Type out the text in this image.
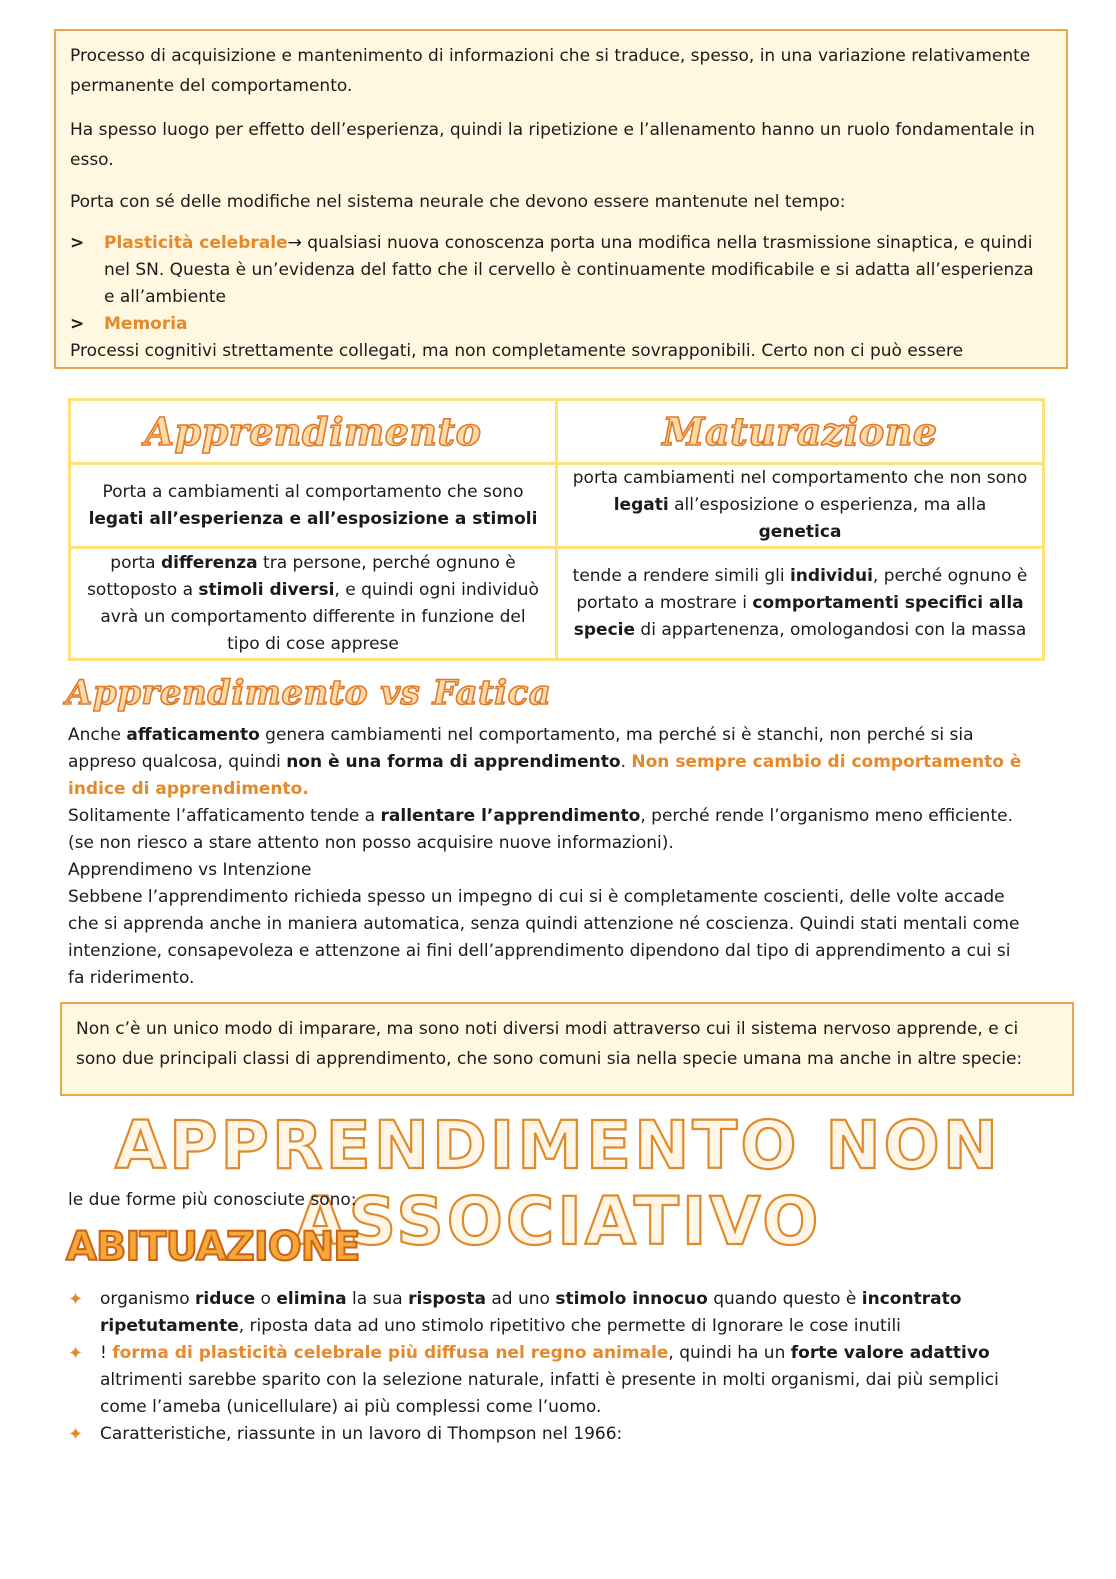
Processo di acquisizione e mantenimento di informazioni che si traduce, spesso, in una variazione relativamente permanente del comportamento.

Ha spesso luogo per effetto dell’esperienza, quindi la ripetizione e l’allenamento hanno un ruolo fondamentale in esso.

Porta con sé delle modifiche nel sistema neurale che devono essere mantenute nel tempo:

>	Plasticità celebrale→ qualsiasi nuova conoscenza porta una modifica nella trasmissione sinaptica, e quindi nel SN. Questa è un’evidenza del fatto che il cervello è continuamente modificabile e si adatta all’esperienza e all’ambiente
>	Memoria

Processi cognitivi strettamente collegati, ma non completamente sovrapponibili. Certo non ci può essere

Apprendimento	Maturazione
Porta a cambiamenti al comportamento che sono legati all’esperienza e all’esposizione a stimoli	porta cambiamenti nel comportamento che non sono legati all’esposizione o esperienza, ma alla genetica
porta differenza tra persone, perché ognuno è sottoposto a stimoli diversi, e quindi ogni individuò avrà un comportamento differente in funzione del tipo di cose apprese	tende a rendere simili gli individui, perché ognuno è portato a mostrare i comportamenti specifici alla specie di appartenenza, omologandosi con la massa
Apprendimento vs Fatica

Anche affaticamento genera cambiamenti nel comportamento, ma perché si è stanchi, non perché si sia appreso qualcosa, quindi non è una forma di apprendimento. Non sempre cambio di comportamento è indice di apprendimento.

Solitamente l’affaticamento tende a rallentare l’apprendimento, perché rende l’organismo meno efficiente. (se non riesco a stare attento non posso acquisire nuove informazioni).

Apprendimeno vs Intenzione

Sebbene l’apprendimento richieda spesso un impegno di cui si è completamente coscienti, delle volte accade che si apprenda anche in maniera automatica, senza quindi attenzione né coscienza. Quindi stati mentali come intenzione, consapevoleza e attenzone ai fini dell’apprendimento dipendono dal tipo di apprendimento a cui si fa riderimento.

Non c’è un unico modo di imparare, ma sono noti diversi modi attraverso cui il sistema nervoso apprende, e ci sono due principali classi di apprendimento, che sono comuni sia nella specie umana ma anche in altre specie:

APPRENDIMENTO NON ASSOCIATIVO
le due forme più conosciute sono:
ABITUAZIONE
✦ organismo riduce o elimina la sua risposta ad uno stimolo innocuo quando questo è incontrato ripetutamente, riposta data ad uno stimolo ripetitivo che permette di Ignorare le cose inutili
✦ ! forma di plasticità celebrale più diffusa nel regno animale, quindi ha un forte valore adattivo altrimenti sarebbe sparito con la selezione naturale, infatti è presente in molti organismi, dai più semplici come l’ameba (unicellulare) ai più complessi come l’uomo.
✦ Caratteristiche, riassunte in un lavoro di Thompson nel 1966:
